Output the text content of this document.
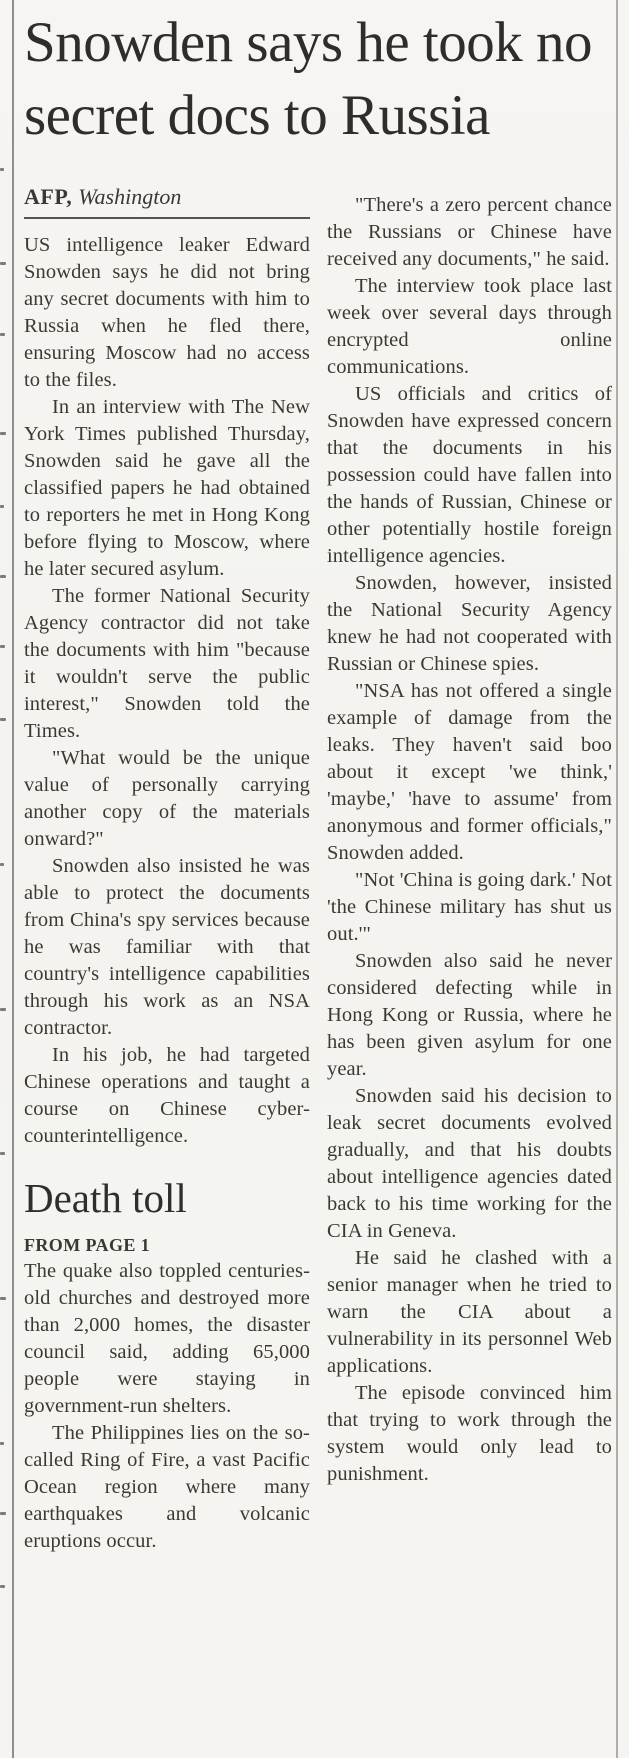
Snowden says he took no secret docs to Russia
AFP, Washington

US intelligence leaker Edward Snowden says he did not bring any secret documents with him to Russia when he fled there, ensuring Moscow had no access to the files.

In an interview with The New York Times published Thursday, Snowden said he gave all the classified papers he had obtained to reporters he met in Hong Kong before flying to Moscow, where he later secured asylum.

The former National Security Agency contractor did not take the documents with him "because it wouldn't serve the public interest," Snowden told the Times.

"What would be the unique value of personally carrying another copy of the materials onward?"

Snowden also insisted he was able to protect the documents from China's spy services because he was familiar with that country's intelligence capabilities through his work as an NSA contractor.

In his job, he had targeted Chinese operations and taught a course on Chinese cyber-counterintelligence.

Death toll
FROM PAGE 1

The quake also toppled centuries-old churches and destroyed more than 2,000 homes, the disaster council said, adding 65,000 people were staying in government-run shelters.

The Philippines lies on the so-called Ring of Fire, a vast Pacific Ocean region where many earthquakes and volcanic eruptions occur.

"There's a zero percent chance the Russians or Chinese have received any documents," he said.

The interview took place last week over several days through encrypted online communications.

US officials and critics of Snowden have expressed concern that the documents in his possession could have fallen into the hands of Russian, Chinese or other potentially hostile foreign intelligence agencies.

Snowden, however, insisted the National Security Agency knew he had not cooperated with Russian or Chinese spies.

"NSA has not offered a single example of damage from the leaks. They haven't said boo about it except 'we think,' 'maybe,' 'have to assume' from anonymous and former officials," Snowden added.

"Not 'China is going dark.' Not 'the Chinese military has shut us out.'"

Snowden also said he never considered defecting while in Hong Kong or Russia, where he has been given asylum for one year.

Snowden said his decision to leak secret documents evolved gradually, and that his doubts about intelligence agencies dated back to his time working for the CIA in Geneva.

He said he clashed with a senior manager when he tried to warn the CIA about a vulnerability in its personnel Web applications.

The episode convinced him that trying to work through the system would only lead to punishment.
